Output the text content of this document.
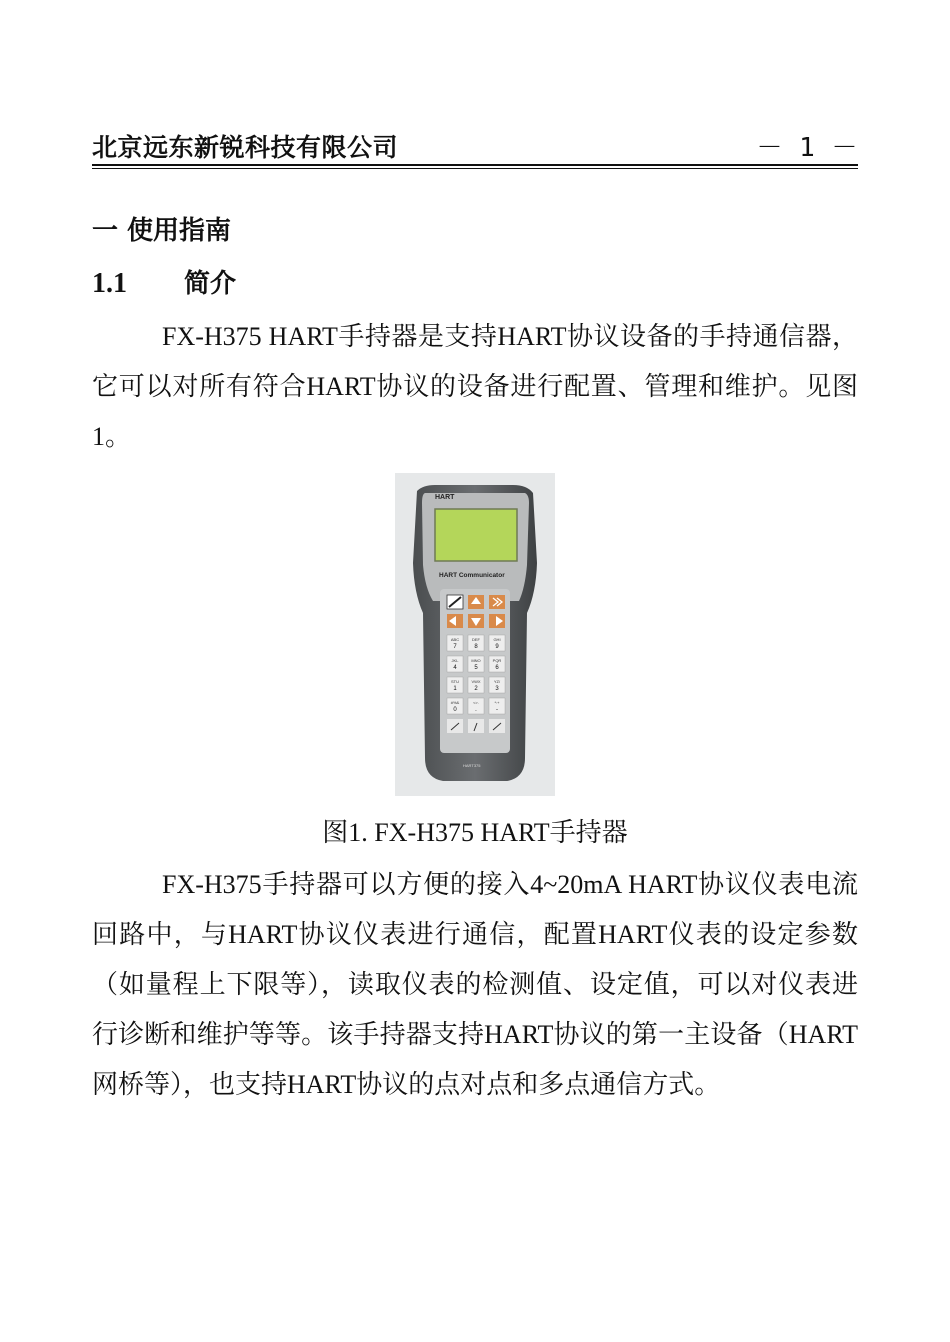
北京远东新锐科技有限公司	－ 1 －
一 使用指南
1.1 简介

FX-H375 HART手持器是支持HART协议设备的手持通信器，它可以对所有符合HART协议的设备进行配置、管理和维护。见图1。

HART
HART Communicator
ABC
7
DEF
8
GHI
9
JKL
4
MNO
5
PQR
6
STU
1
VWX
2
YZ/
3
#%&
0
<>.
.
*:+
-
HART375
图1. FX-H375 HART手持器

FX-H375手持器可以方便的接入4~20mA HART协议仪表电流回路中，与HART协议仪表进行通信，配置HART仪表的设定参数（如量程上下限等），读取仪表的检测值、设定值，可以对仪表进行诊断和维护等等。该手持器支持HART协议的第一主设备（HART网桥等），也支持HART协议的点对点和多点通信方式。
